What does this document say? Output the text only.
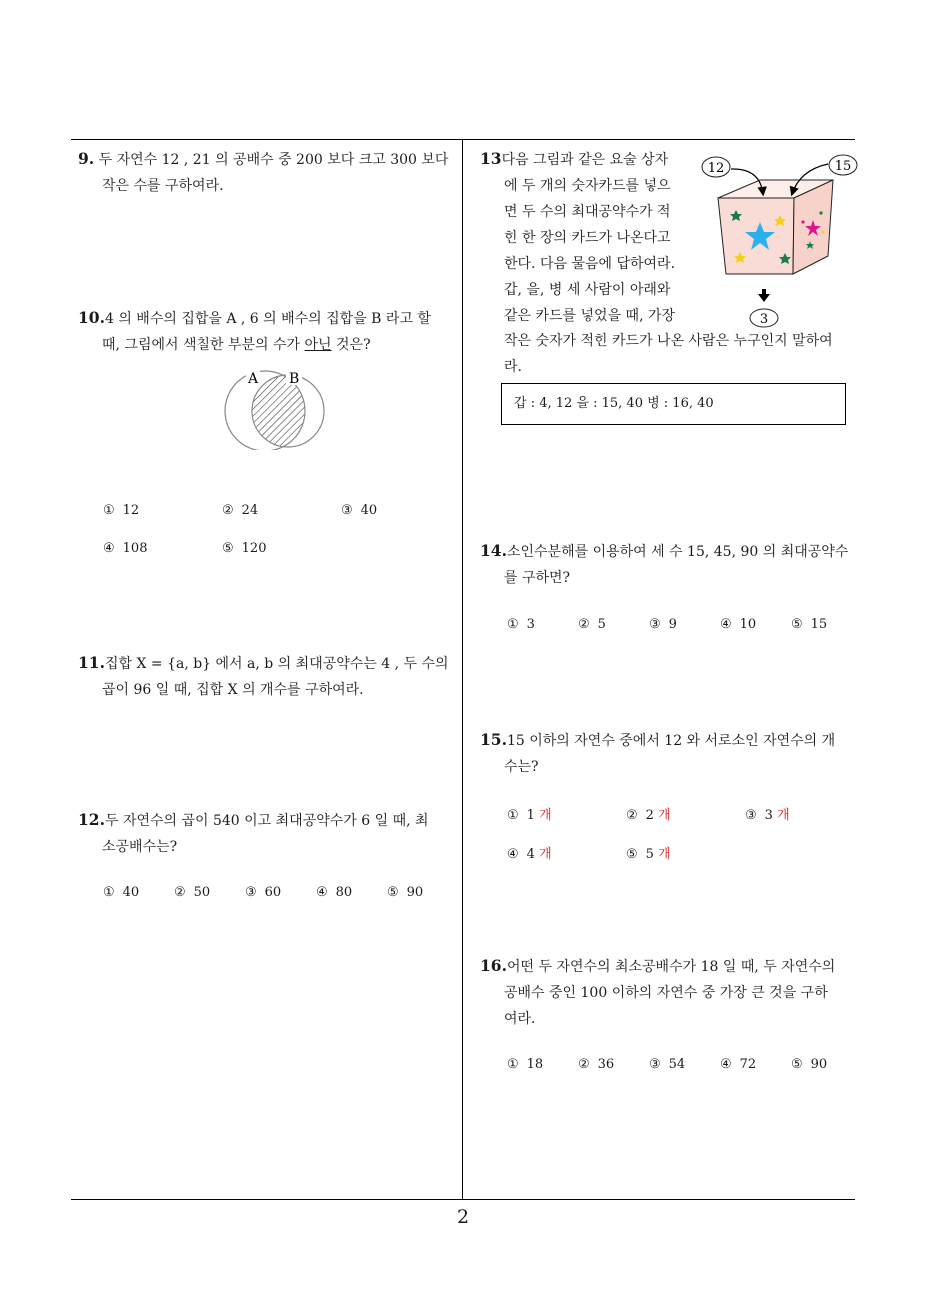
9. 두 자연수 12 , 21 의 공배수 중 200 보다 크고 300 보다
작은 수를 구하여라.
10.4 의 배수의 집합을 A , 6 의 배수의 집합을 B 라고 할
때, 그림에서 색칠한 부분의 수가 아닌 것은?
A B
① 12	② 24	③ 40
④ 108	⑤ 120
11.집합 X = {a, b} 에서 a, b 의 최대공약수는 4 , 두 수의
곱이 96 일 때, 집합 X 의 개수를 구하여라.
12.두 자연수의 곱이 540 이고 최대공약수가 6 일 때, 최
소공배수는?
① 40	② 50	③ 60	④ 80	⑤ 90
13다음 그림과 같은 요술 상자
에 두 개의 숫자카드를 넣으
면 두 수의 최대공약수가 적
힌 한 장의 카드가 나온다고
한다. 다음 물음에 답하여라.
갑, 을, 병 세 사람이 아래와
같은 카드를 넣었을 때, 가장
작은 숫자가 적힌 카드가 나온 사람은 누구인지 말하여
라.
12	15
3
갑 : 4, 12 을 : 15, 40 병 : 16, 40
14.소인수분해를 이용하여 세 수 15, 45, 90 의 최대공약수
를 구하면?
① 3	② 5	③ 9	④ 10	⑤ 15
15.15 이하의 자연수 중에서 12 와 서로소인 자연수의 개
수는?
① 1 개	② 2 개	③ 3 개
④ 4 개	⑤ 5 개
16.어떤 두 자연수의 최소공배수가 18 일 때, 두 자연수의
공배수 중인 100 이하의 자연수 중 가장 큰 것을 구하
여라.
① 18	② 36	③ 54	④ 72	⑤ 90
2
